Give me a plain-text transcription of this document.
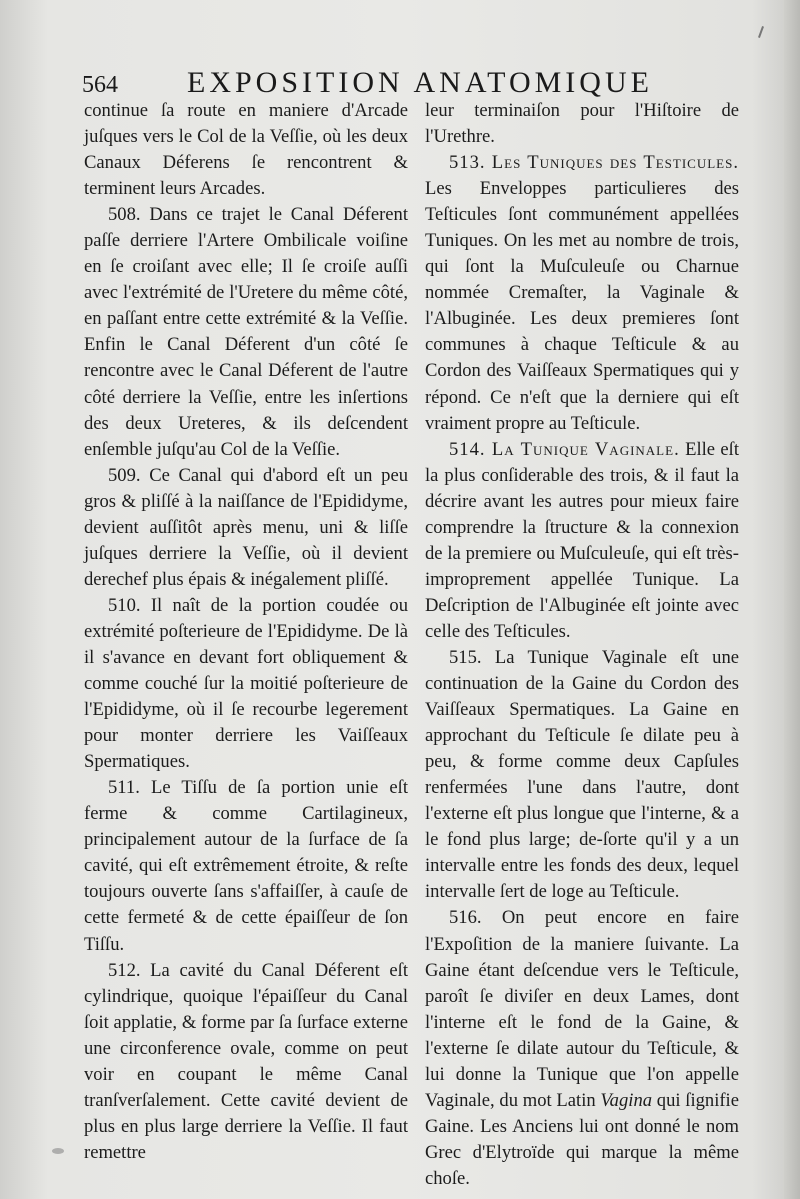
564 EXPOSITION ANATOMIQUE

continue ſa route en maniere d'Arcade juſques vers le Col de la Veſſie, où les deux Canaux Déferens ſe rencontrent & terminent leurs Arcades.

508. Dans ce trajet le Canal Déferent paſſe derriere l'Artere Ombilicale voiſine en ſe croiſant avec elle; Il ſe croiſe auſſi avec l'extrémité de l'Uretere du même côté, en paſſant entre cette extrémité & la Veſſie. Enfin le Canal Déferent d'un côté ſe rencontre avec le Canal Déferent de l'autre côté derriere la Veſſie, entre les inſertions des deux Ureteres, & ils deſcendent enſemble juſqu'au Col de la Veſſie.

509. Ce Canal qui d'abord eſt un peu gros & pliſſé à la naiſſance de l'Epididyme, devient auſſitôt après menu, uni & liſſe juſques derriere la Veſſie, où il devient derechef plus épais & inégalement pliſſé.

510. Il naît de la portion coudée ou extrémité poſterieure de l'Epididyme. De là il s'avance en devant fort obliquement & comme couché ſur la moitié poſterieure de l'Epididyme, où il ſe recourbe legerement pour monter derriere les Vaiſſeaux Spermatiques.

511. Le Tiſſu de ſa portion unie eſt ferme & comme Cartilagineux, principalement autour de la ſurface de ſa cavité, qui eſt extrêmement étroite, & reſte toujours ouverte ſans s'affaiſſer, à cauſe de cette fermeté & de cette épaiſſeur de ſon Tiſſu.

512. La cavité du Canal Déferent eſt cylindrique, quoique l'épaiſſeur du Canal ſoit applatie, & forme par ſa ſurface externe une circonference ovale, comme on peut voir en coupant le même Canal tranſverſalement. Cette cavité devient de plus en plus large derriere la Veſſie. Il faut remettre

leur terminaiſon pour l'Hiſtoire de l'Urethre.

513. Les Tuniques des Testicules. Les Enveloppes particulieres des Teſticules ſont communément appellées Tuniques. On les met au nombre de trois, qui ſont la Muſculeuſe ou Charnue nommée Cremaſter, la Vaginale & l'Albuginée. Les deux premieres ſont communes à chaque Teſticule & au Cordon des Vaiſſeaux Spermatiques qui y répond. Ce n'eſt que la derniere qui eſt vraiment propre au Teſticule.

514. La Tunique Vaginale. Elle eſt la plus conſiderable des trois, & il faut la décrire avant les autres pour mieux faire comprendre la ſtructure & la connexion de la premiere ou Muſculeuſe, qui eſt très-improprement appellée Tunique. La Deſcription de l'Albuginée eſt jointe avec celle des Teſticules.

515. La Tunique Vaginale eſt une continuation de la Gaine du Cordon des Vaiſſeaux Spermatiques. La Gaine en approchant du Teſticule ſe dilate peu à peu, & forme comme deux Capſules renfermées l'une dans l'autre, dont l'externe eſt plus longue que l'interne, & a le fond plus large; de-ſorte qu'il y a un intervalle entre les fonds des deux, lequel intervalle ſert de loge au Teſticule.

516. On peut encore en faire l'Expoſition de la maniere ſuivante. La Gaine étant deſcendue vers le Teſticule, paroît ſe diviſer en deux Lames, dont l'interne eſt le fond de la Gaine, & l'externe ſe dilate autour du Teſticule, & lui donne la Tunique que l'on appelle Vaginale, du mot Latin Vagina qui ſignifie Gaine. Les Anciens lui ont donné le nom Grec d'Elytroïde qui marque la même choſe.
